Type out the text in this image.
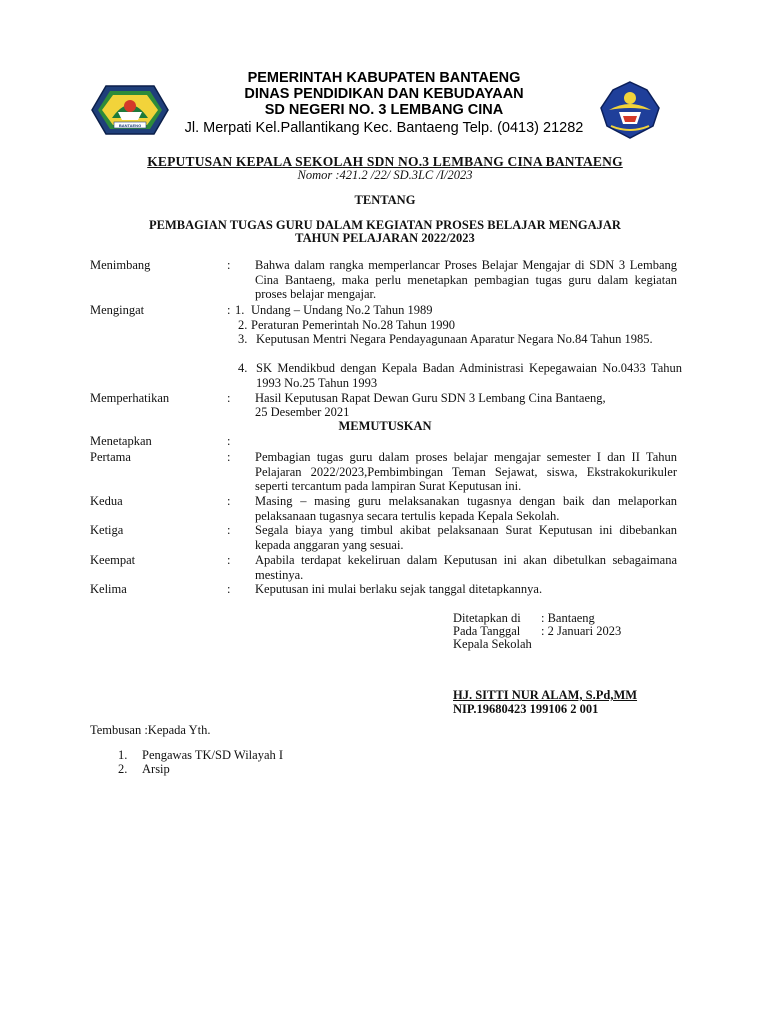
BANTAENG
PEMERINTAH KABUPATEN BANTAENG
DINAS PENDIDIKAN DAN KEBUDAYAAN
SD NEGERI NO. 3 LEMBANG CINA
Jl. Merpati Kel.Pallantikang Kec. Bantaeng Telp. (0413) 21282
KEPUTUSAN KEPALA SEKOLAH SDN NO.3 LEMBANG CINA BANTAENG
Nomor :421.2 /22/ SD.3LC /I/2023
TENTANG
PEMBAGIAN TUGAS GURU DALAM KEGIATAN PROSES BELAJAR MENGAJAR
TAHUN PELAJARAN 2022/2023
Menimbang	: Bahwa dalam rangka memperlancar Proses Belajar Mengajar di SDN 3 Lembang Cina Bantaeng, maka perlu menetapkan pembagian tugas guru dalam kegiatan proses belajar mengajar.
Mengingat	: 1. Undang – Undang No.2 Tahun 1989
2. Peraturan Pemerintah No.28 Tahun 1990
3. Keputusan Mentri Negara Pendayagunaan Aparatur Negara No.84 Tahun 1985.
4. SK Mendikbud dengan Kepala Badan Administrasi Kepegawaian No.0433 Tahun 1993 No.25 Tahun 1993
Memperhatikan	: Hasil Keputusan Rapat Dewan Guru SDN 3 Lembang Cina Bantaeng,
25 Desember 2021
MEMUTUSKAN
Menetapkan	:
Pertama	: Pembagian tugas guru dalam proses belajar mengajar semester I dan II Tahun Pelajaran 2022/2023,Pembimbingan Teman Sejawat, siswa, Ekstrakokurikuler seperti tercantum pada lampiran Surat Keputusan ini.
Kedua	: Masing – masing guru melaksanakan tugasnya dengan baik dan melaporkan pelaksanaan tugasnya secara tertulis kepada Kepala Sekolah.
Ketiga	: Segala biaya yang timbul akibat pelaksanaan Surat Keputusan ini dibebankan kepada anggaran yang sesuai.
Keempat	: Apabila terdapat kekeliruan dalam Keputusan ini akan dibetulkan sebagaimana mestinya.
Kelima	: Keputusan ini mulai berlaku sejak tanggal ditetapkannya.
Ditetapkan di	: Bantaeng
Pada Tanggal	: 2 Januari 2023
Kepala Sekolah
HJ. SITTI NUR ALAM, S.Pd,MM
NIP.19680423 199106 2 001
Tembusan :Kepada Yth.
1. Pengawas TK/SD Wilayah I
2. Arsip
